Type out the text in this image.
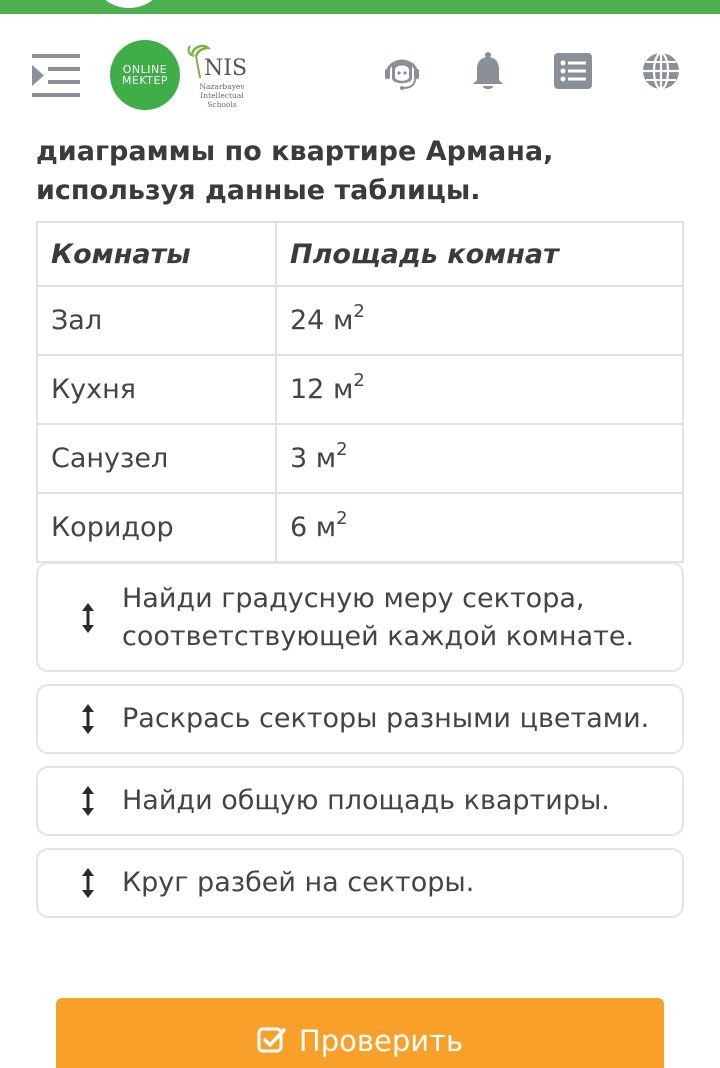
ONLINE
MEKTEP NIS
Nazarbayev
Intellectual
Schools
диаграммы по квартире Армана,
используя данные таблицы.
Комнаты	Площадь комнат
Зал	24 $м^2$
Кухня	12 $м^2$
Санузел	3 $м^2$
Коридор	6 $м^2$
Найди градусную меру сектора,
соответствующей каждой комнате.
Раскрась секторы разными цветами.
Найди общую площадь квартиры.
Круг разбей на секторы.
Проверить
